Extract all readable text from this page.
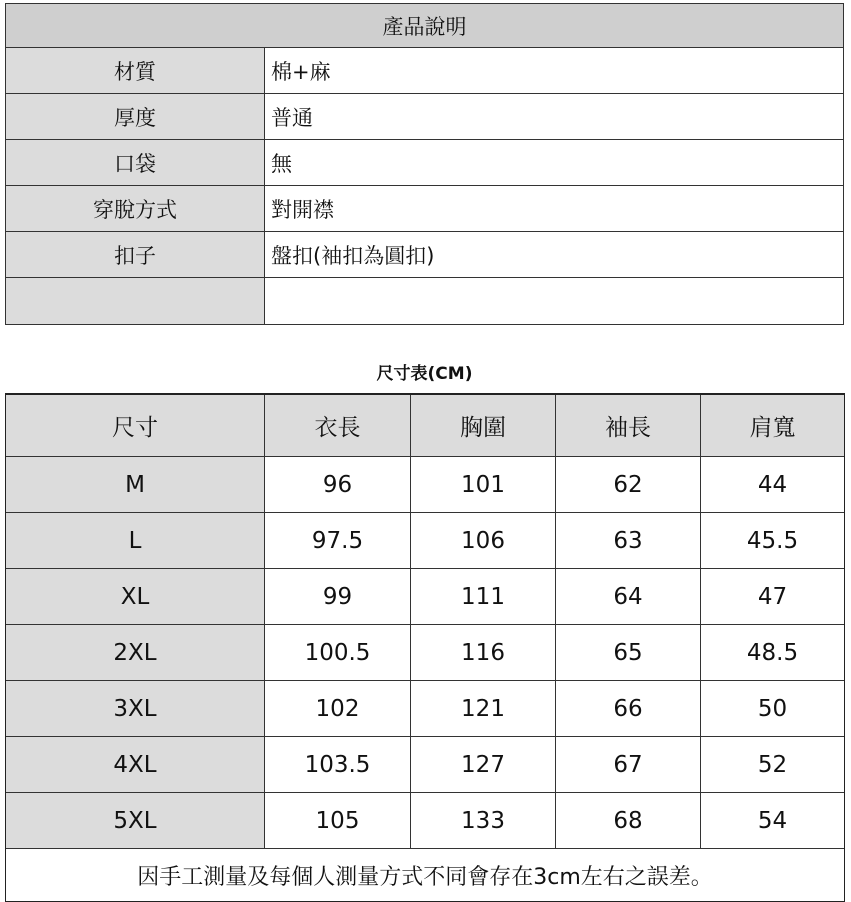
產品說明
材質	棉+麻
厚度	普通
口袋	無
穿脫方式	對開襟
扣子	盤扣(袖扣為圓扣)
尺寸表(CM)
尺寸	衣長	胸圍	袖長	肩寬
M	96	101	62	44
L	97.5	106	63	45.5
XL	99	111	64	47
2XL	100.5	116	65	48.5
3XL	102	121	66	50
4XL	103.5	127	67	52
5XL	105	133	68	54
因手工測量及每個人測量方式不同會存在3cm左右之誤差。
